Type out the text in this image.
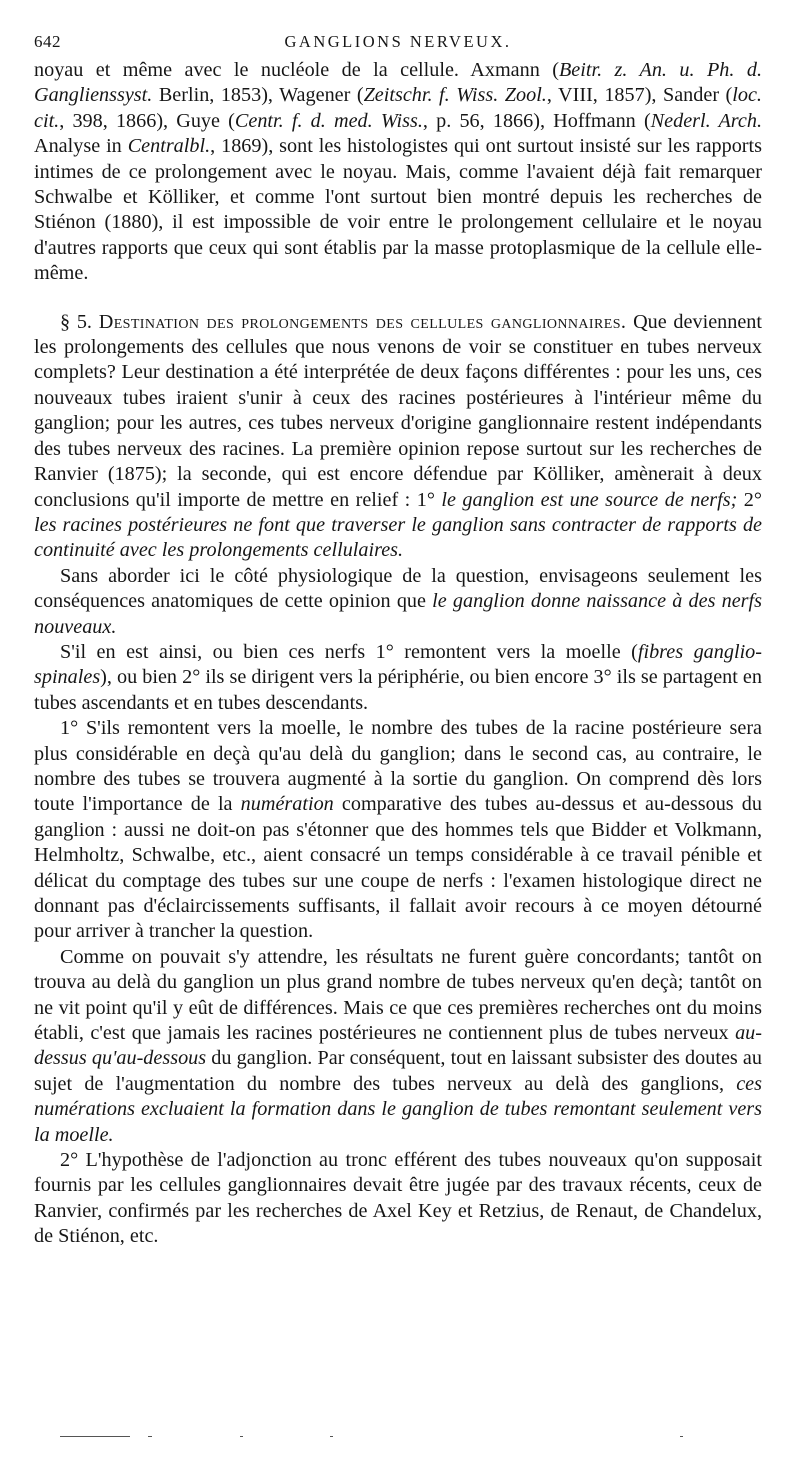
642	GANGLIONS NERVEUX.

noyau et même avec le nucléole de la cellule. Axmann (Beitr. z. An. u. Ph. d. Ganglienssyst. Berlin, 1853), Wagener (Zeitschr. f. Wiss. Zool., VIII, 1857), Sander (loc. cit., 398, 1866), Guye (Centr. f. d. med. Wiss., p. 56, 1866), Hoffmann (Nederl. Arch. Analyse in Centralbl., 1869), sont les histologistes qui ont surtout insisté sur les rapports intimes de ce prolongement avec le noyau. Mais, comme l'avaient déjà fait remarquer Schwalbe et Kölliker, et comme l'ont surtout bien montré depuis les recherches de Stiénon (1880), il est impossible de voir entre le prolongement cellulaire et le noyau d'autres rapports que ceux qui sont établis par la masse protoplasmique de la cellule elle-même.

§ 5. Destination des prolongements des cellules ganglionnaires. Que deviennent les prolongements des cellules que nous venons de voir se constituer en tubes nerveux complets? Leur destination a été interprétée de deux façons différentes : pour les uns, ces nouveaux tubes iraient s'unir à ceux des racines postérieures à l'intérieur même du ganglion; pour les autres, ces tubes nerveux d'origine ganglionnaire restent indépendants des tubes nerveux des racines. La première opinion repose surtout sur les recherches de Ranvier (1875); la seconde, qui est encore défendue par Kölliker, amènerait à deux conclusions qu'il importe de mettre en relief : 1° le ganglion est une source de nerfs; 2° les racines postérieures ne font que traverser le ganglion sans contracter de rapports de continuité avec les prolongements cellulaires.

Sans aborder ici le côté physiologique de la question, envisageons seulement les conséquences anatomiques de cette opinion que le ganglion donne naissance à des nerfs nouveaux.

S'il en est ainsi, ou bien ces nerfs 1° remontent vers la moelle (fibres ganglio-spinales), ou bien 2° ils se dirigent vers la périphérie, ou bien encore 3° ils se partagent en tubes ascendants et en tubes descendants.

1° S'ils remontent vers la moelle, le nombre des tubes de la racine postérieure sera plus considérable en deçà qu'au delà du ganglion; dans le second cas, au contraire, le nombre des tubes se trouvera augmenté à la sortie du ganglion. On comprend dès lors toute l'importance de la numération comparative des tubes au-dessus et au-dessous du ganglion : aussi ne doit-on pas s'étonner que des hommes tels que Bidder et Volkmann, Helmholtz, Schwalbe, etc., aient consacré un temps considérable à ce travail pénible et délicat du comptage des tubes sur une coupe de nerfs : l'examen histologique direct ne donnant pas d'éclaircissements suffisants, il fallait avoir recours à ce moyen détourné pour arriver à trancher la question.

Comme on pouvait s'y attendre, les résultats ne furent guère concordants; tantôt on trouva au delà du ganglion un plus grand nombre de tubes nerveux qu'en deçà; tantôt on ne vit point qu'il y eût de différences. Mais ce que ces premières recherches ont du moins établi, c'est que jamais les racines postérieures ne contiennent plus de tubes nerveux au-dessus qu'au-dessous du ganglion. Par conséquent, tout en laissant subsister des doutes au sujet de l'augmentation du nombre des tubes nerveux au delà des ganglions, ces numérations excluaient la formation dans le ganglion de tubes remontant seulement vers la moelle.

2° L'hypothèse de l'adjonction au tronc efférent des tubes nouveaux qu'on supposait fournis par les cellules ganglionnaires devait être jugée par des travaux récents, ceux de Ranvier, confirmés par les recherches de Axel Key et Retzius, de Renaut, de Chandelux, de Stiénon, etc.
